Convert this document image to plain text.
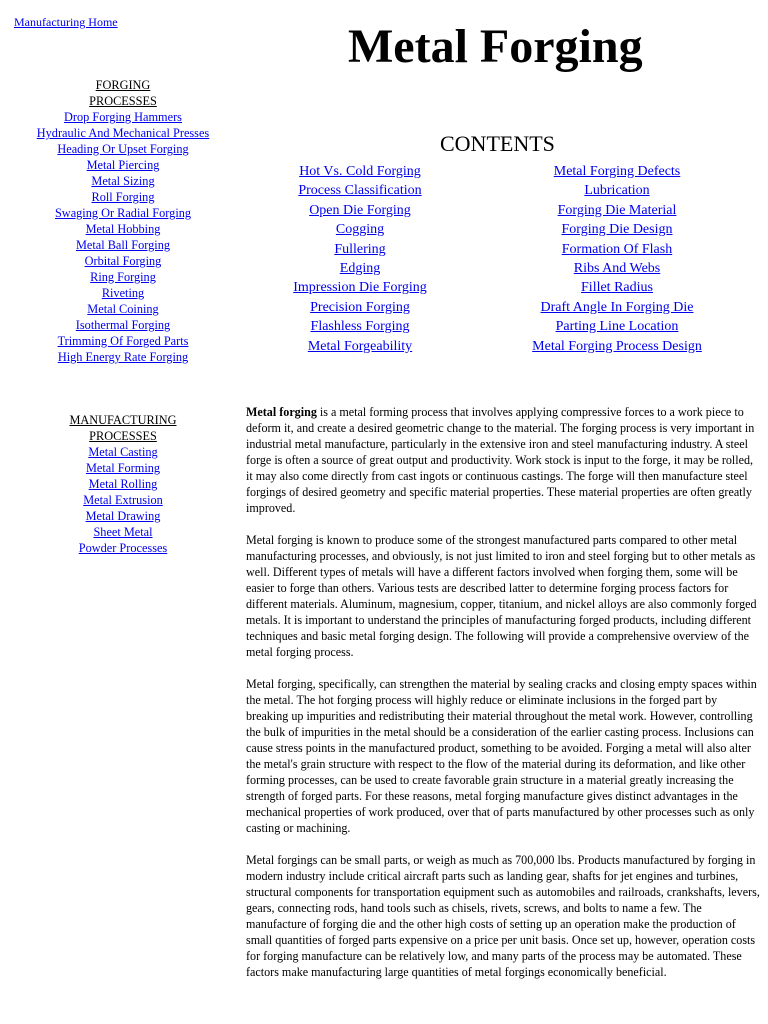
Manufacturing Home	Metal Forging
FORGING
PROCESSES
Drop Forging Hammers
Hydraulic And Mechanical Presses
Heading Or Upset Forging
Metal Piercing
Metal Sizing
Roll Forging
Swaging Or Radial Forging
Metal Hobbing
Metal Ball Forging
Orbital Forging
Ring Forging
Riveting
Metal Coining
Isothermal Forging
Trimming Of Forged Parts
High Energy Rate Forging
MANUFACTURING
PROCESSES
Metal Casting
Metal Forming
Metal Rolling
Metal Extrusion
Metal Drawing
Sheet Metal
Powder Processes
CONTENTS
Hot Vs. Cold Forging
Process Classification
Open Die Forging
Cogging
Fullering
Edging
Impression Die Forging
Precision Forging
Flashless Forging
Metal Forgeability
Metal Forging Defects
Lubrication
Forging Die Material
Forging Die Design
Formation Of Flash
Ribs And Webs
Fillet Radius
Draft Angle In Forging Die
Parting Line Location
Metal Forging Process Design

Metal forging is a metal forming process that involves applying compressive forces to a work piece to deform it, and create a desired geometric change to the material. The forging process is very important in industrial metal manufacture, particularly in the extensive iron and steel manufacturing industry. A steel forge is often a source of great output and productivity. Work stock is input to the forge, it may be rolled, it may also come directly from cast ingots or continuous castings. The forge will then manufacture steel forgings of desired geometry and specific material properties. These material properties are often greatly improved.

Metal forging is known to produce some of the strongest manufactured parts compared to other metal manufacturing processes, and obviously, is not just limited to iron and steel forging but to other metals as well. Different types of metals will have a different factors involved when forging them, some will be easier to forge than others. Various tests are described latter to determine forging process factors for different materials. Aluminum, magnesium, copper, titanium, and nickel alloys are also commonly forged metals. It is important to understand the principles of manufacturing forged products, including different techniques and basic metal forging design. The following will provide a comprehensive overview of the metal forging process.

Metal forging, specifically, can strengthen the material by sealing cracks and closing empty spaces within the metal. The hot forging process will highly reduce or eliminate inclusions in the forged part by breaking up impurities and redistributing their material throughout the metal work. However, controlling the bulk of impurities in the metal should be a consideration of the earlier casting process. Inclusions can cause stress points in the manufactured product, something to be avoided. Forging a metal will also alter the metal's grain structure with respect to the flow of the material during its deformation, and like other forming processes, can be used to create favorable grain structure in a material greatly increasing the strength of forged parts. For these reasons, metal forging manufacture gives distinct advantages in the mechanical properties of work produced, over that of parts manufactured by other processes such as only casting or machining.

Metal forgings can be small parts, or weigh as much as 700,000 lbs. Products manufactured by forging in modern industry include critical aircraft parts such as landing gear, shafts for jet engines and turbines, structural components for transportation equipment such as automobiles and railroads, crankshafts, levers, gears, connecting rods, hand tools such as chisels, rivets, screws, and bolts to name a few. The manufacture of forging die and the other high costs of setting up an operation make the production of small quantities of forged parts expensive on a price per unit basis. Once set up, however, operation costs for forging manufacture can be relatively low, and many parts of the process may be automated. These factors make manufacturing large quantities of metal forgings economically beneficial.
